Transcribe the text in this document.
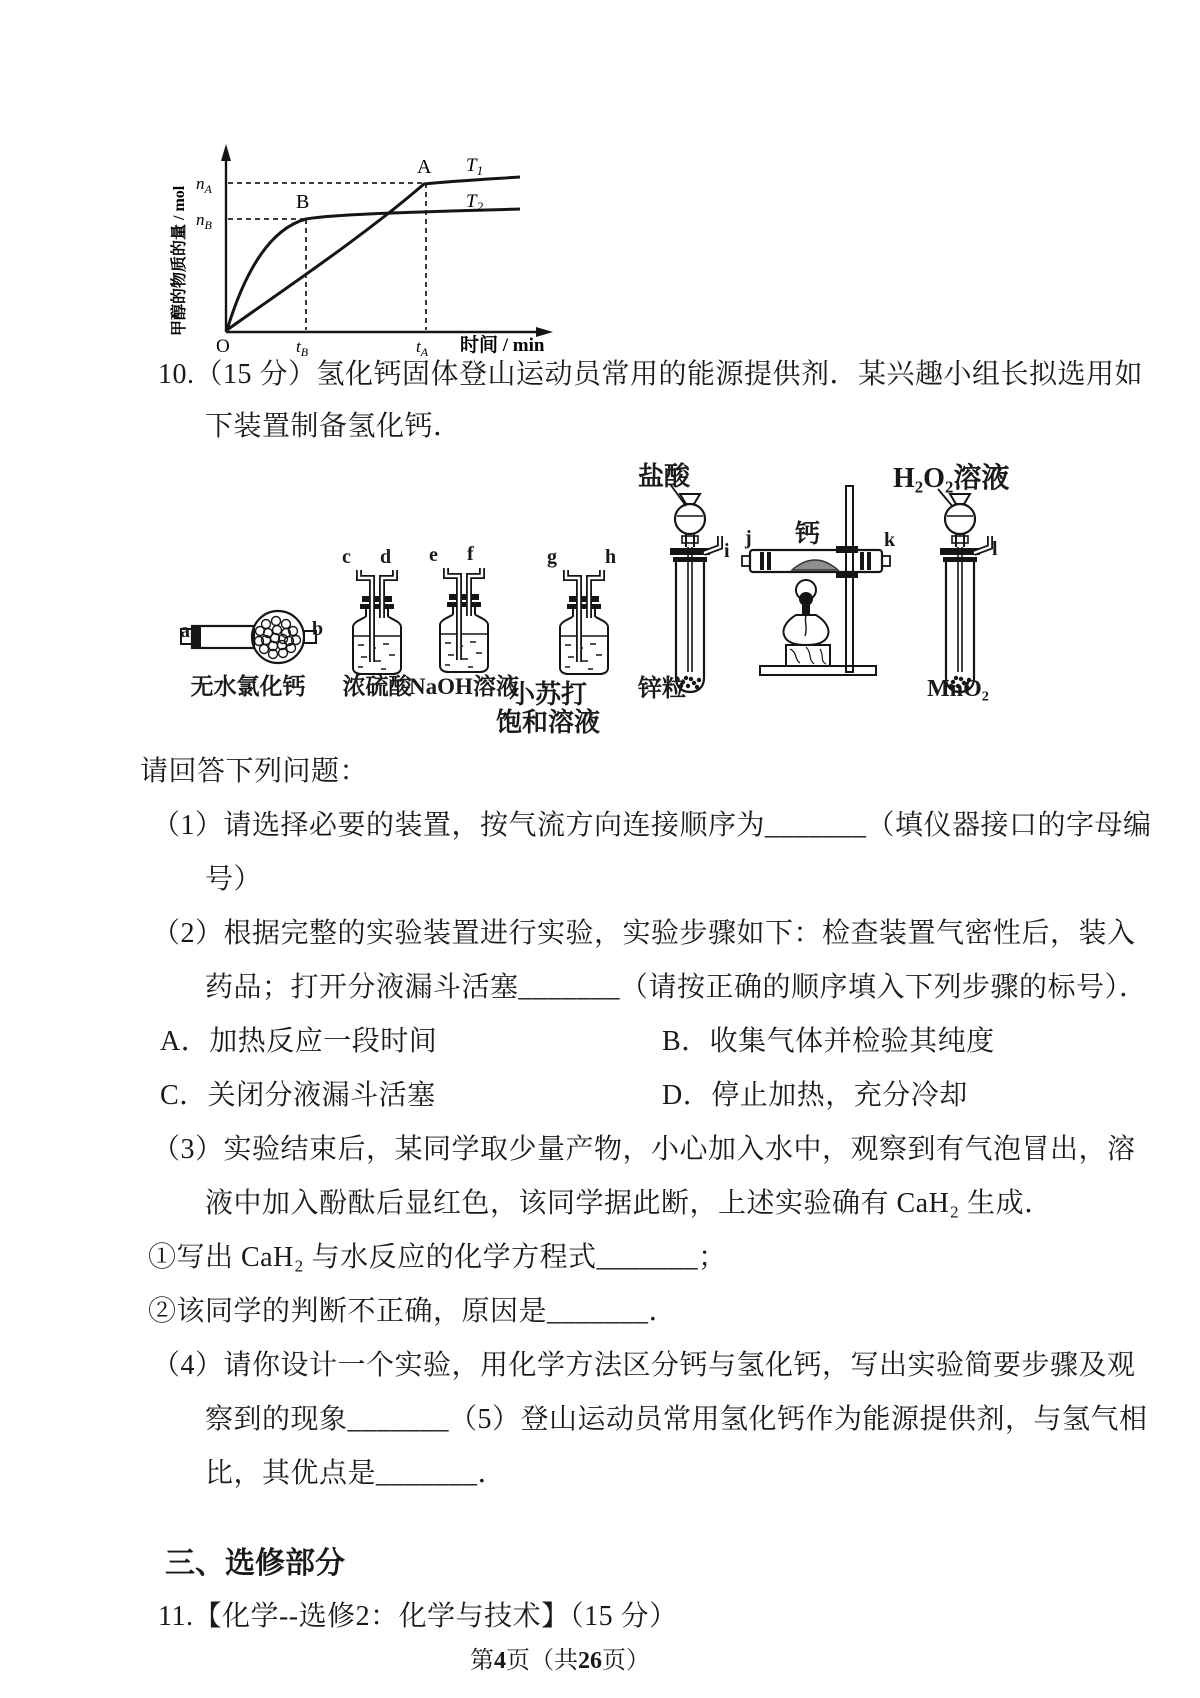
$n_A$
$n_B$
B
A $T_1$
$T_2$
O	$t_B$	$t_A$ 时间 / min
甲醇的物质的量 / mol
10.（15 分）氢化钙固体登山运动员常用的能源提供剂．某兴趣小组长拟选用如
下装置制备氢化钙．
盐酸	H₂O₂溶液
钙
a	b
c d e f	g h	i
j	k	l
无水氯化钙 浓硫酸
NaOH溶液
小苏打
饱和溶液
锌粒	MnO₂
请回答下列问题：
（1）请选择必要的装置，按气流方向连接顺序为_______（填仪器接口的字母编
号）
（2）根据完整的实验装置进行实验，实验步骤如下：检查装置气密性后，装入
药品；打开分液漏斗活塞_______（请按正确的顺序填入下列步骤的标号）．
A．加热反应一段时间	B．收集气体并检验其纯度
C．关闭分液漏斗活塞	D．停止加热，充分冷却
（3）实验结束后，某同学取少量产物，小心加入水中，观察到有气泡冒出，溶
液中加入酚酞后显红色，该同学据此断，上述实验确有 CaH₂ 生成．
①写出 CaH₂ 与水反应的化学方程式_______；
②该同学的判断不正确，原因是_______．
（4）请你设计一个实验，用化学方法区分钙与氢化钙，写出实验简要步骤及观
察到的现象_______（5）登山运动员常用氢化钙作为能源提供剂，与氢气相
比，其优点是_______．
三、选修部分
11.【化学--选修2：化学与技术】（15 分）
第4页（共26页）
